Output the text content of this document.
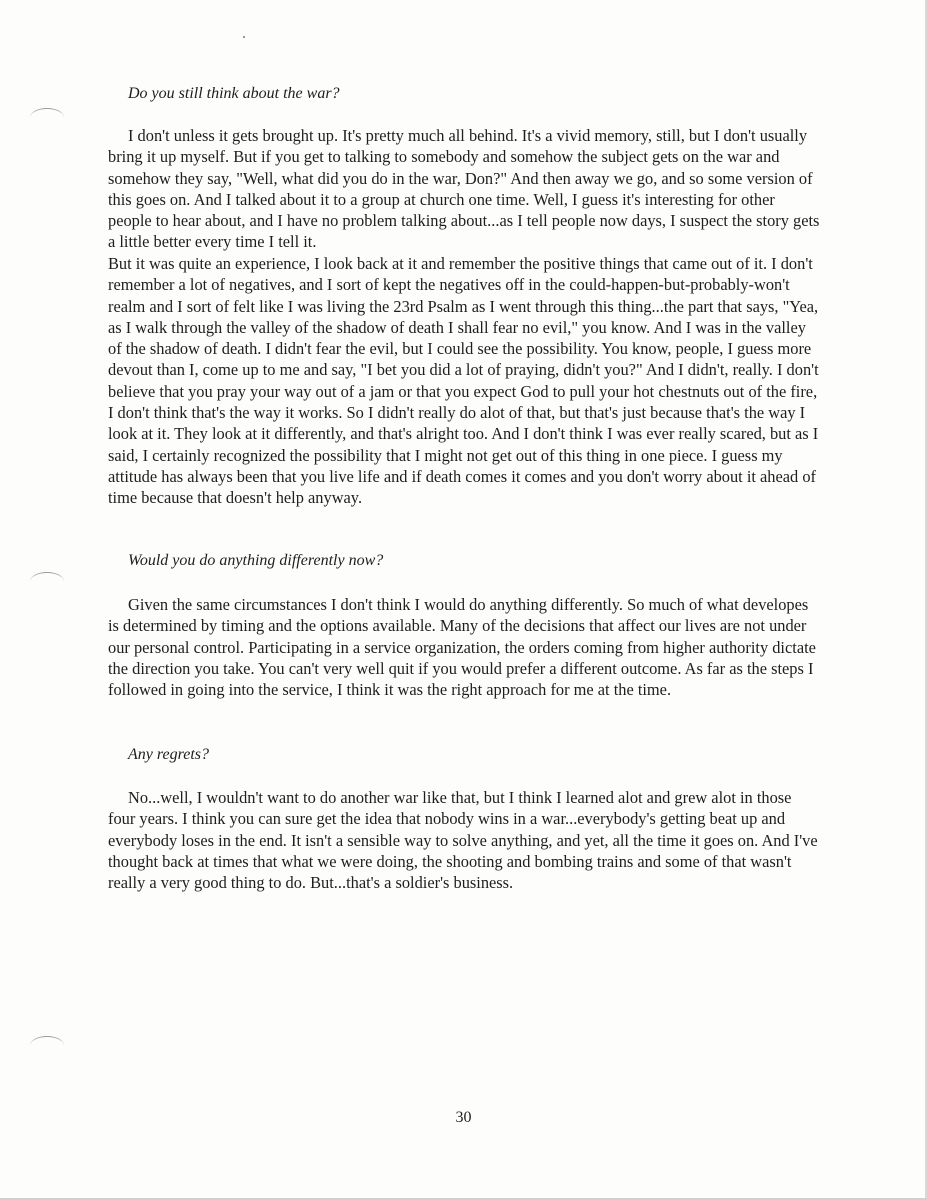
Do you still think about the war?

I don't unless it gets brought up. It's pretty much all behind. It's a vivid memory, still, but I don't usually bring it up myself. But if you get to talking to somebody and somehow the subject gets on the war and somehow they say, "Well, what did you do in the war, Don?" And then away we go, and so some version of this goes on. And I talked about it to a group at church one time. Well, I guess it's interesting for other people to hear about, and I have no problem talking about...as I tell people now days, I suspect the story gets a little better every time I tell it.

But it was quite an experience, I look back at it and remember the positive things that came out of it. I don't remember a lot of negatives, and I sort of kept the negatives off in the could-happen-but-probably-won't realm and I sort of felt like I was living the 23rd Psalm as I went through this thing...the part that says, "Yea, as I walk through the valley of the shadow of death I shall fear no evil," you know. And I was in the valley of the shadow of death. I didn't fear the evil, but I could see the possibility. You know, people, I guess more devout than I, come up to me and say, "I bet you did a lot of praying, didn't you?" And I didn't, really. I don't believe that you pray your way out of a jam or that you expect God to pull your hot chestnuts out of the fire, I don't think that's the way it works. So I didn't really do alot of that, but that's just because that's the way I look at it. They look at it differently, and that's alright too. And I don't think I was ever really scared, but as I said, I certainly recognized the possibility that I might not get out of this thing in one piece. I guess my attitude has always been that you live life and if death comes it comes and you don't worry about it ahead of time because that doesn't help anyway.

Would you do anything differently now?

Given the same circumstances I don't think I would do anything differently. So much of what developes is determined by timing and the options available. Many of the decisions that affect our lives are not under our personal control. Participating in a service organization, the orders coming from higher authority dictate the direction you take. You can't very well quit if you would prefer a different outcome. As far as the steps I followed in going into the service, I think it was the right approach for me at the time.

Any regrets?

No...well, I wouldn't want to do another war like that, but I think I learned alot and grew alot in those four years. I think you can sure get the idea that nobody wins in a war...everybody's getting beat up and everybody loses in the end. It isn't a sensible way to solve anything, and yet, all the time it goes on. And I've thought back at times that what we were doing, the shooting and bombing trains and some of that wasn't really a very good thing to do. But...that's a soldier's business.

30
